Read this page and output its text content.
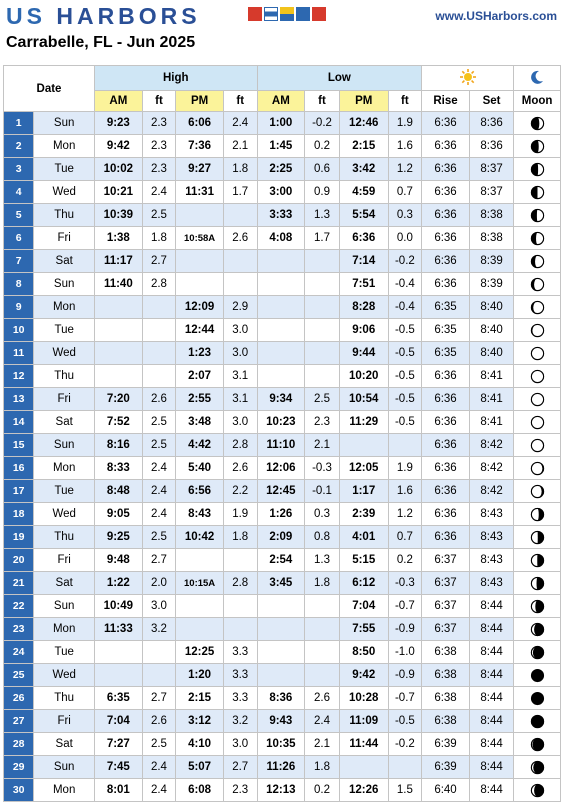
US HARBORS	www.USHarbors.com
Carrabelle, FL - Jun 2025
Date		High				Low		
		AM	ft	PM	ft	AM	ft	PM	ft	Rise	Set	Moon
1	Sun	9:23	2.3	6:06	2.4	1:00	-0.2	12:46	1.9	6:36	8:36	

2	Mon	9:42	2.3	7:36	2.1	1:45	0.2	2:15	1.6	6:36	8:36	

3	Tue	10:02	2.3	9:27	1.8	2:25	0.6	3:42	1.2	6:36	8:37	

4	Wed	10:21	2.4	11:31	1.7	3:00	0.9	4:59	0.7	6:36	8:37	

5	Thu	10:39	2.5			3:33	1.3	5:54	0.3	6:36	8:38	

6	Fri	1:38	1.8	10:58A	2.6	4:08	1.7	6:36	0.0	6:36	8:38	

7	Sat	11:17	2.7					7:14	-0.2	6:36	8:39	

8	Sun	11:40	2.8					7:51	-0.4	6:36	8:39	

9	Mon			12:09	2.9			8:28	-0.4	6:35	8:40	

10	Tue			12:44	3.0			9:06	-0.5	6:35	8:40	

11	Wed			1:23	3.0			9:44	-0.5	6:35	8:40	

12	Thu			2:07	3.1			10:20	-0.5	6:36	8:41	

13	Fri	7:20	2.6	2:55	3.1	9:34	2.5	10:54	-0.5	6:36	8:41	

14	Sat	7:52	2.5	3:48	3.0	10:23	2.3	11:29	-0.5	6:36	8:41	

15	Sun	8:16	2.5	4:42	2.8	11:10	2.1			6:36	8:42	

16	Mon	8:33	2.4	5:40	2.6	12:06	-0.3	12:05	1.9	6:36	8:42	

17	Tue	8:48	2.4	6:56	2.2	12:45	-0.1	1:17	1.6	6:36	8:42	

18	Wed	9:05	2.4	8:43	1.9	1:26	0.3	2:39	1.2	6:36	8:43	

19	Thu	9:25	2.5	10:42	1.8	2:09	0.8	4:01	0.7	6:36	8:43	

20	Fri	9:48	2.7			2:54	1.3	5:15	0.2	6:37	8:43	

21	Sat	1:22	2.0	10:15A	2.8	3:45	1.8	6:12	-0.3	6:37	8:43	

22	Sun	10:49	3.0					7:04	-0.7	6:37	8:44	

23	Mon	11:33	3.2					7:55	-0.9	6:37	8:44	

24	Tue			12:25	3.3			8:50	-1.0	6:38	8:44	

25	Wed			1:20	3.3			9:42	-0.9	6:38	8:44	

26	Thu	6:35	2.7	2:15	3.3	8:36	2.6	10:28	-0.7	6:38	8:44	

27	Fri	7:04	2.6	3:12	3.2	9:43	2.4	11:09	-0.5	6:38	8:44	

28	Sat	7:27	2.5	4:10	3.0	10:35	2.1	11:44	-0.2	6:39	8:44	

29	Sun	7:45	2.4	5:07	2.7	11:26	1.8			6:39	8:44	

30	Mon	8:01	2.4	6:08	2.3	12:13	0.2	12:26	1.5	6:40	8:44	
